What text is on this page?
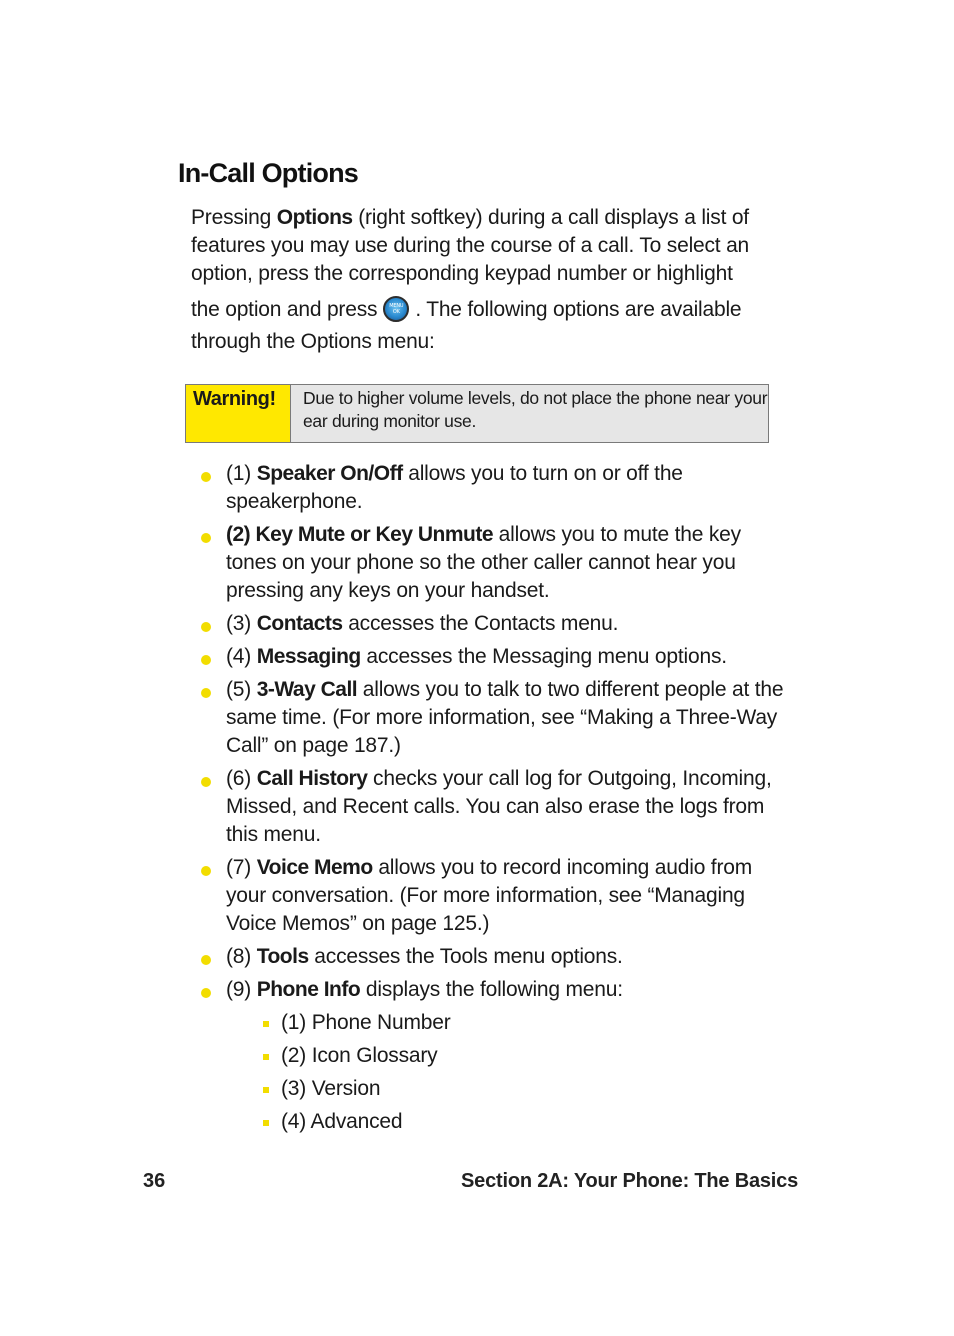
In-Call Options

Pressing Options (right softkey) during a call displays a list of features you may use during the course of a call. To select an option, press the corresponding keypad number or highlight

the option and press	MENU OK . The following options are available through the Options menu:

Warning!	Due to higher volume levels, do not place the phone near your ear during monitor use.
(1) Speaker On/Off allows you to turn on or off the speakerphone.
(2) Key Mute or Key Unmute allows you to mute the key tones on your phone so the other caller cannot hear you pressing any keys on your handset.
(3) Contacts accesses the Contacts menu.
(4) Messaging accesses the Messaging menu options.
(5) 3-Way Call allows you to talk to two different people at the same time. (For more information, see “Making a Three-Way Call” on page 187.)
(6) Call History checks your call log for Outgoing, Incoming, Missed, and Recent calls. You can also erase the logs from this menu.
(7) Voice Memo allows you to record incoming audio from your conversation. (For more information, see “Managing Voice Memos” on page 125.)
(8) Tools accesses the Tools menu options.
(9) Phone Info displays the following menu:
(1) Phone Number
(2) Icon Glossary
(3) Version
(4) Advanced
36	Section 2A: Your Phone: The Basics
